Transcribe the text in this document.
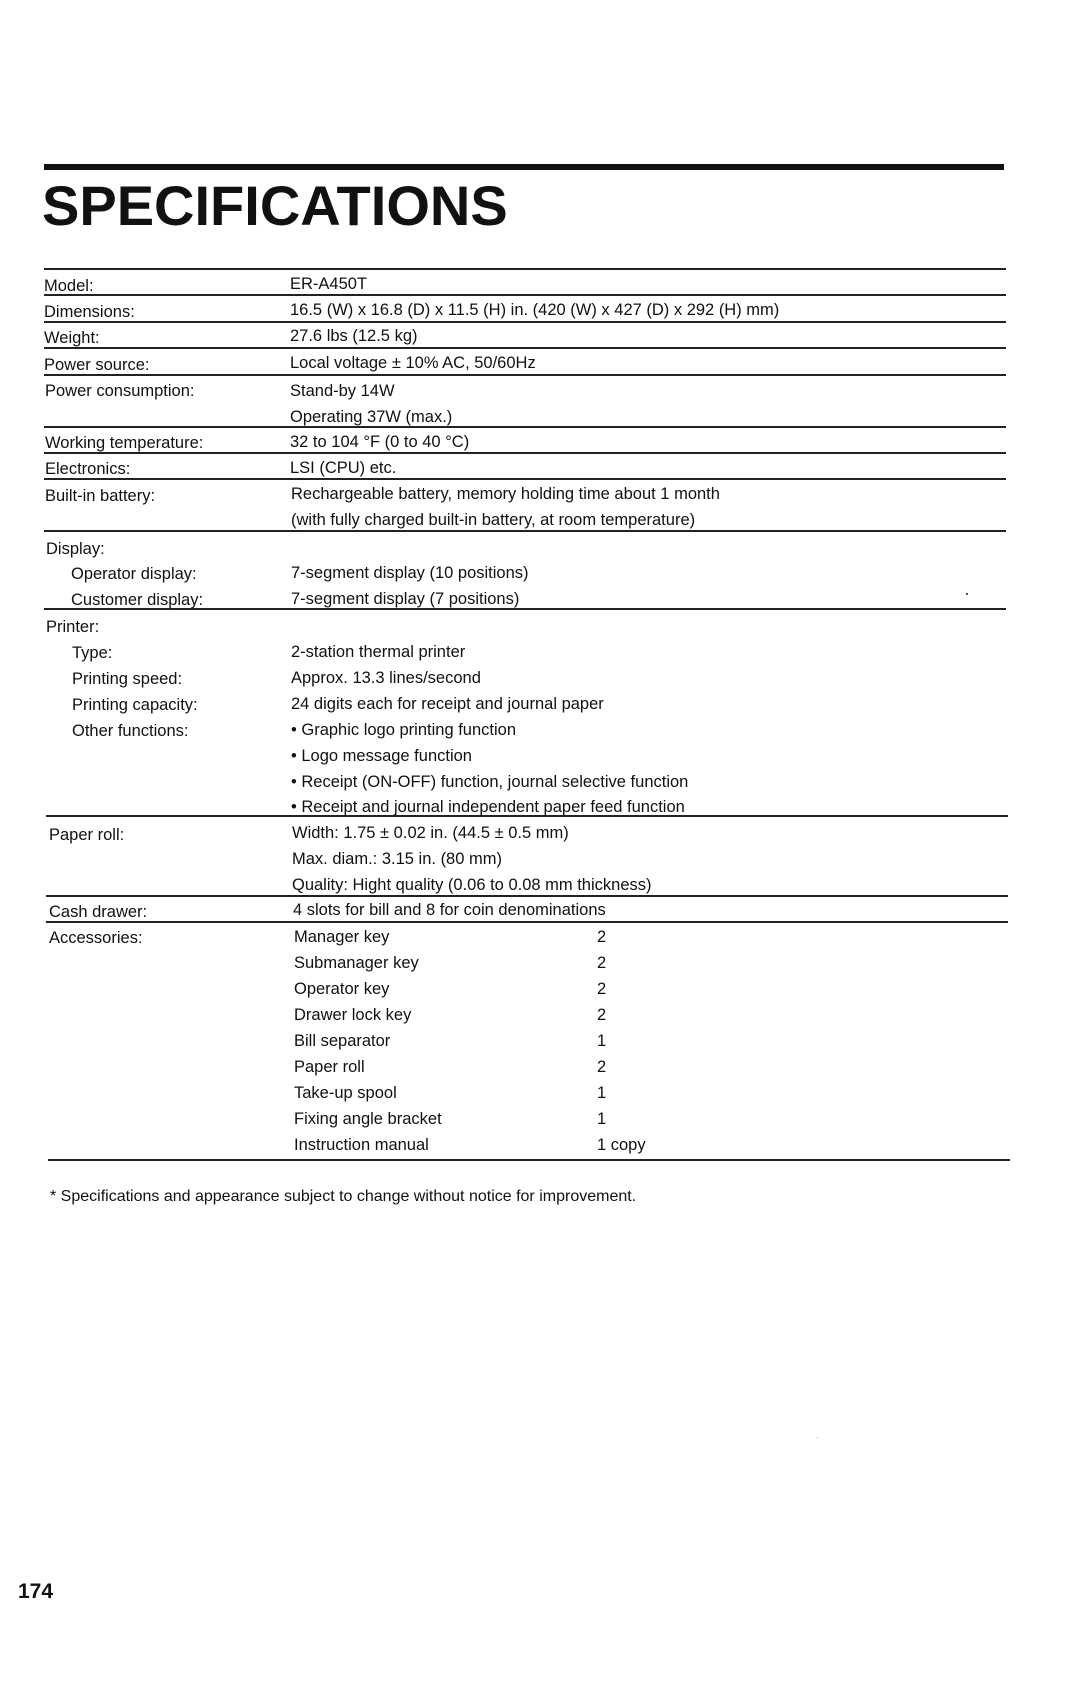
SPECIFICATIONS
Model:	ER-A450T
Dimensions:	16.5 (W) x 16.8 (D) x 11.5 (H) in. (420 (W) x 427 (D) x 292 (H) mm)
Weight:	27.6 lbs (12.5 kg)
Power source:	Local voltage ± 10% AC, 50/60Hz
Power consumption:	Stand-by 14W
Operating 37W (max.)
Working temperature:	32 to 104 °F (0 to 40 °C)
Electronics:	LSI (CPU) etc.
Built-in battery:	Rechargeable battery, memory holding time about 1 month
(with fully charged built-in battery, at room temperature)
Display:
Operator display:	7-segment display (10 positions)
Customer display:	7-segment display (7 positions)
Printer:
Type:	2-station thermal printer
Printing speed:	Approx. 13.3 lines/second
Printing capacity:	24 digits each for receipt and journal paper
Other functions:	• Graphic logo printing function
• Logo message function
• Receipt (ON-OFF) function, journal selective function
• Receipt and journal independent paper feed function
Paper roll:	Width: 1.75 ± 0.02 in. (44.5 ± 0.5 mm)
Max. diam.: 3.15 in. (80 mm)
Quality: Hight quality (0.06 to 0.08 mm thickness)
Cash drawer:	4 slots for bill and 8 for coin denominations
Accessories:	Manager key	2
Submanager key	2
Operator key	2
Drawer lock key	2
Bill separator	1
Paper roll	2
Take-up spool	1
Fixing angle bracket	1
Instruction manual	1 copy
* Specifications and appearance subject to change without notice for improvement.
174
